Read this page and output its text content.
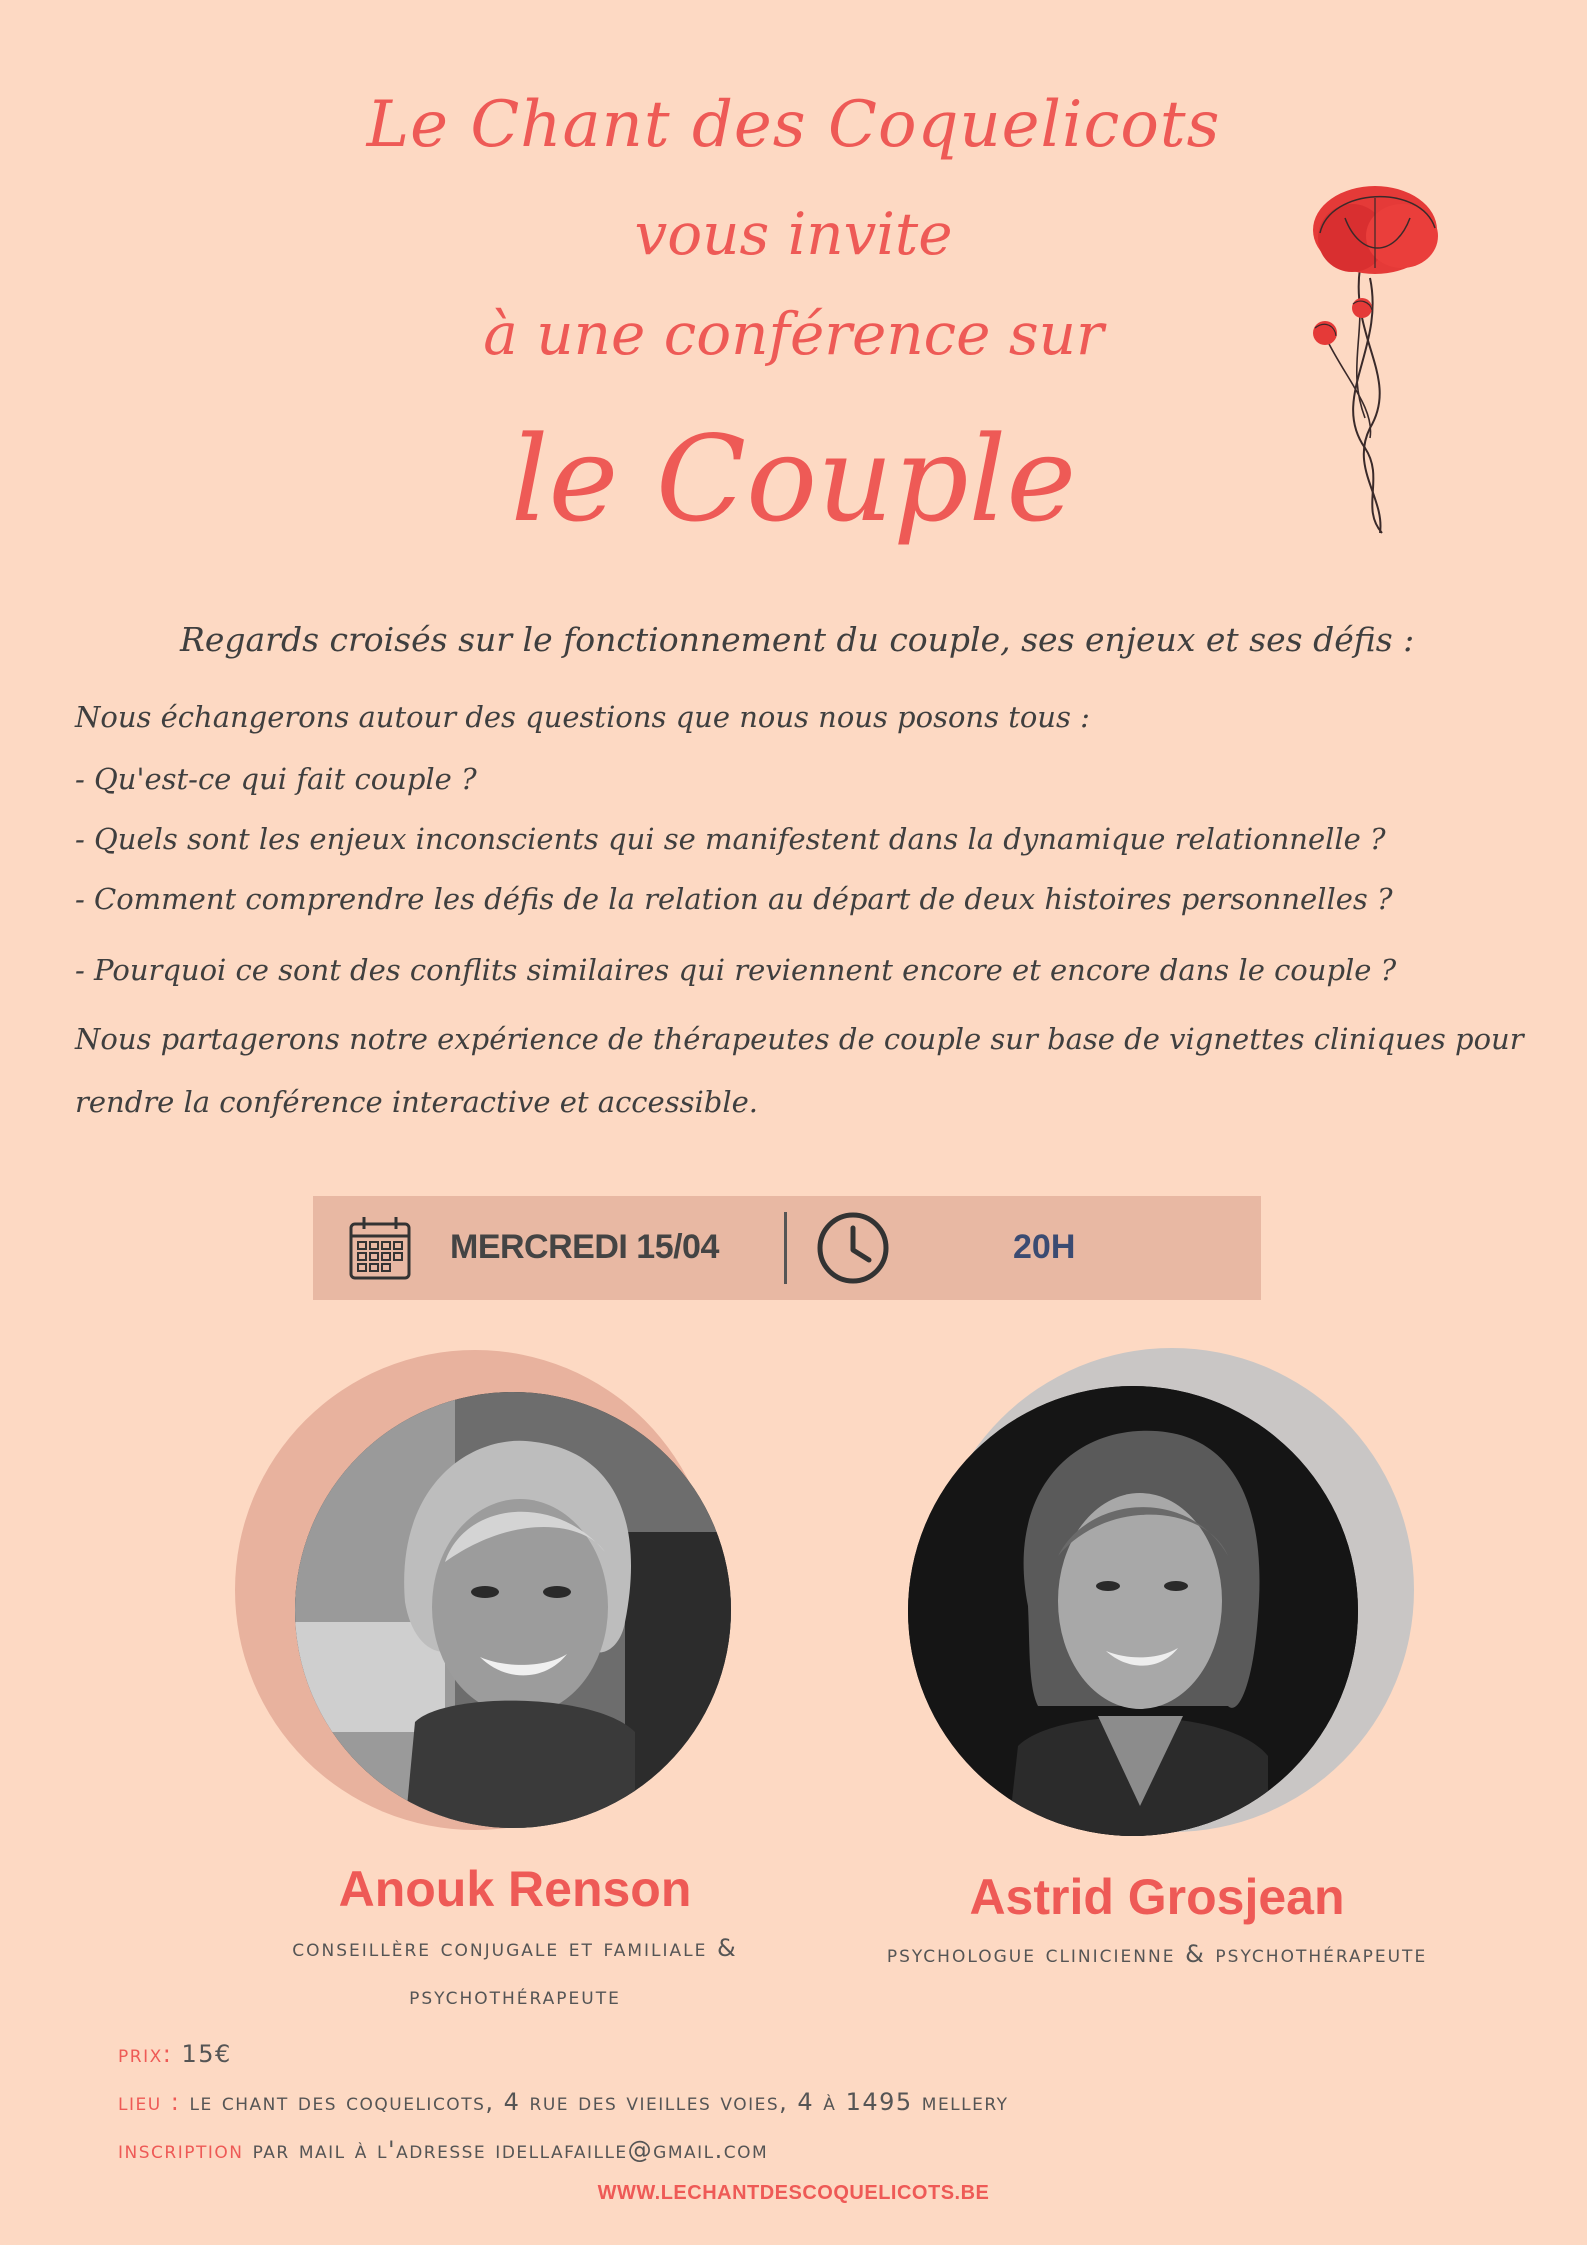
Le Chant des Coquelicots
vous invite
à une conférence sur
le Couple

Regards croisés sur le fonctionnement du couple, ses enjeux et ses défis :

Nous échangerons autour des questions que nous nous posons tous :

- Qu'est-ce qui fait couple ?

- Quels sont les enjeux inconscients qui se manifestent dans la dynamique relationnelle ?

- Comment comprendre les défis de la relation au départ de deux histoires personnelles ?

- Pourquoi ce sont des conflits similaires qui reviennent encore et encore dans le couple ?

Nous partagerons notre expérience de thérapeutes de couple sur base de vignettes cliniques pour

rendre la conférence interactive et accessible.

MERCREDI 15/04	20H

Anouk Renson

conseillère conjugale et familiale &

psychothérapeute

Astrid Grosjean

psychologue clinicienne & psychothérapeute

prix: 15€

lieu : le chant des coquelicots, 4 rue des vieilles voies, 4 à 1495 mellery

inscription par mail à l'adresse idellafaille@gmail.com

WWW.LECHANTDESCOQUELICOTS.BE
